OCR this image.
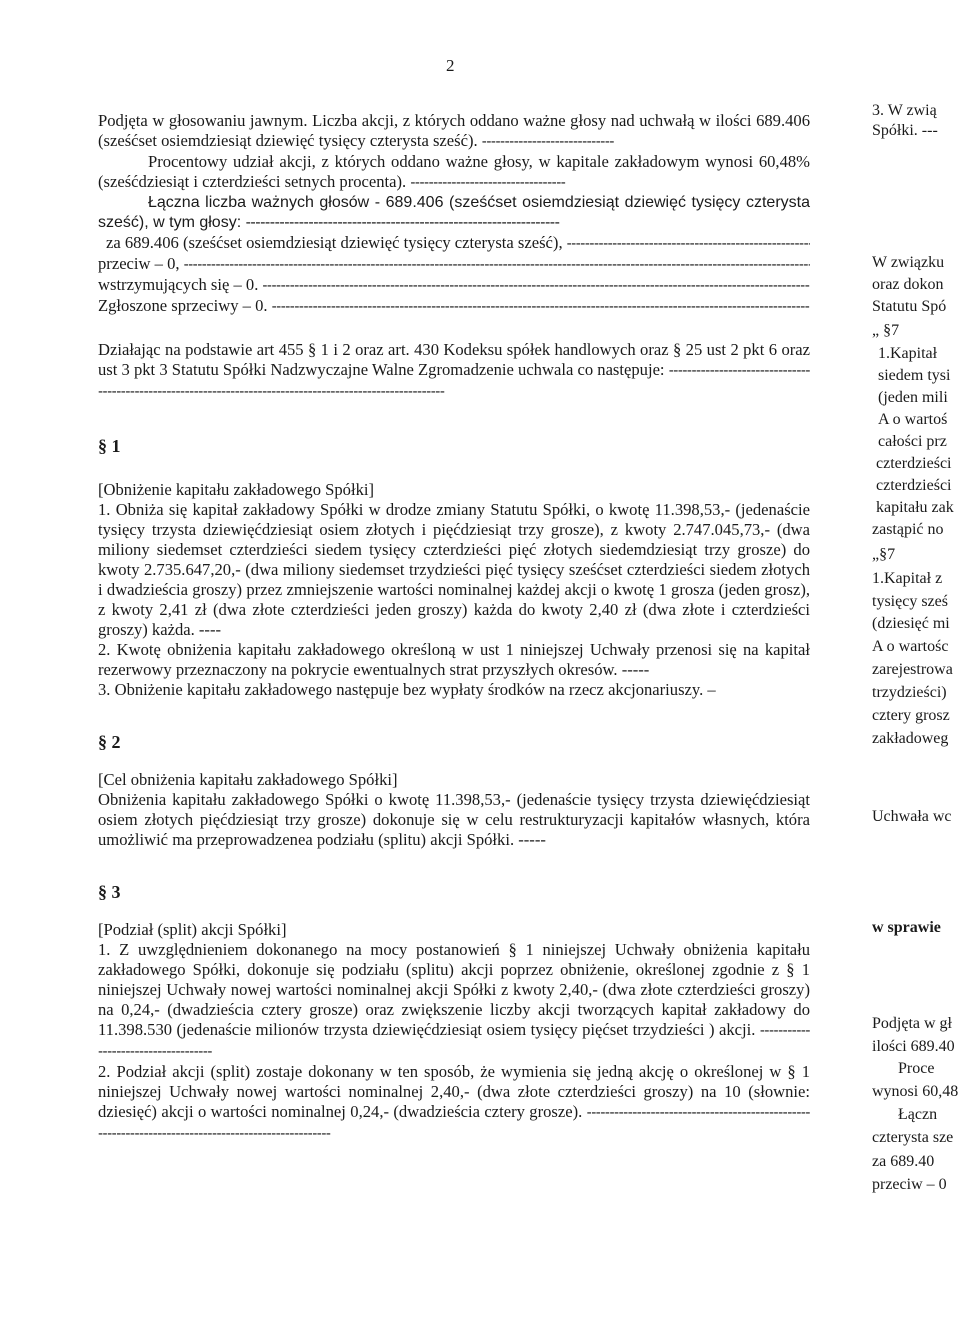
2

Podjęta w głosowaniu jawnym. Liczba akcji, z których oddano ważne głosy nad uchwałą w ilości 689.406 (sześćset osiemdziesiąt dziewięć tysięcy czterysta sześć). -----------------------------

Procentowy udział akcji, z których oddano ważne głosy, w kapitale zakładowym wynosi 60,48% (sześćdziesiąt i czterdzieści setnych procenta). ----------------------------------

Łączna liczba ważnych głosów - 689.406 (sześćset osiemdziesiąt dziewięć tysięcy czterysta sześć), w tym głosy: -----------------------------------------------------------------

za 689.406 (sześćset osiemdziesiąt dziewięć tysięcy czterysta sześć),
-----
przeciw – 0,
-----
wstrzymujących się – 0.
-----
Zgłoszone sprzeciwy – 0.
-----

Działając na podstawie art 455 § 1 i 2 oraz art. 430 Kodeksu spółek handlowych oraz § 25 ust 2 pkt 6 oraz ust 3 pkt 3 Statutu Spółki Nadzwyczajne Walne Zgromadzenie uchwala co następuje: -----------------------------------------------------------------------------------------------------------

§ 1

[Obniżenie kapitału zakładowego Spółki]

1. Obniża się kapitał zakładowy Spółki w drodze zmiany Statutu Spółki, o kwotę 11.398,53,- (jedenaście tysięcy trzysta dziewięćdziesiąt osiem złotych i pięćdziesiąt trzy grosze), z kwoty 2.747.045,73,- (dwa miliony siedemset czterdzieści siedem tysięcy czterdzieści pięć złotych siedemdziesiąt trzy grosze) do kwoty 2.735.647,20,- (dwa miliony siedemset trzydzieści pięć tysięcy sześćset czterdzieści siedem złotych i dwadzieścia groszy) przez zmniejszenie wartości nominalnej każdej akcji o kwotę 1 grosza (jeden grosz), z kwoty 2,41 zł (dwa złote czterdzieści jeden groszy) każda do kwoty 2,40 zł (dwa złote i czterdzieści groszy) każda. ----

2. Kwotę obniżenia kapitału zakładowego określoną w ust 1 niniejszej Uchwały przenosi się na kapitał rezerwowy przeznaczony na pokrycie ewentualnych strat przyszłych okresów. -----

3. Obniżenie kapitału zakładowego następuje bez wypłaty środków na rzecz akcjonariuszy. –

§ 2

[Cel obniżenia kapitału zakładowego Spółki]

Obniżenia kapitału zakładowego Spółki o kwotę 11.398,53,- (jedenaście tysięcy trzysta dziewięćdziesiąt osiem złotych pięćdziesiąt trzy grosze) dokonuje się w celu restrukturyzacji kapitałów własnych, która umożliwić ma przeprowadzenea podziału (splitu) akcji Spółki. -----

§ 3

[Podział (split) akcji Spółki]

1. Z uwzględnieniem dokonanego na mocy postanowień § 1 niniejszej Uchwały obniżenia kapitału zakładowego Spółki, dokonuje się podziału (splitu) akcji poprzez obniżenie, określonej zgodnie z § 1 niniejszej Uchwały nowej wartości nominalnej akcji Spółki z kwoty 2,40,- (dwa złote czterdzieści groszy) na 0,24,- (dwadzieścia cztery grosze) oraz zwiększenie liczby akcji tworzących kapitał zakładowy do 11.398.530 (jedenaście milionów trzysta dziewięćdziesiąt osiem tysięcy pięćset trzydzieści ) akcji. ------------------------------------

2. Podział akcji (split) zostaje dokonany w ten sposób, że wymienia się jedną akcję o określonej w § 1 niniejszej Uchwały nowej wartości nominalnej 2,40,- (dwa złote czterdzieści groszy) na 10 (słownie: dziesięć) akcji o wartości nominalnej 0,24,- (dwadzieścia cztery grosze). ----------------------------------------------------------------------------------------------------

3. W zwią
Spółki. ---
W związku
oraz dokon
Statutu Spó
„ §7
1.Kapitał
siedem tysi
(jeden mili
A o wartoś
całości prz
czterdzieści
czterdzieści
kapitału zak
zastąpić no
„§7
1.Kapitał z
tysięcy sześ
(dziesięć mi
A o wartośc
zarejestrowa
trzydzieści)
cztery grosz
zakładoweg
Uchwała wc
w sprawie
Podjęta w gł
ilości 689.40
Proce
wynosi 60,48
Łączn
czterysta sze
za 689.40
przeciw – 0
